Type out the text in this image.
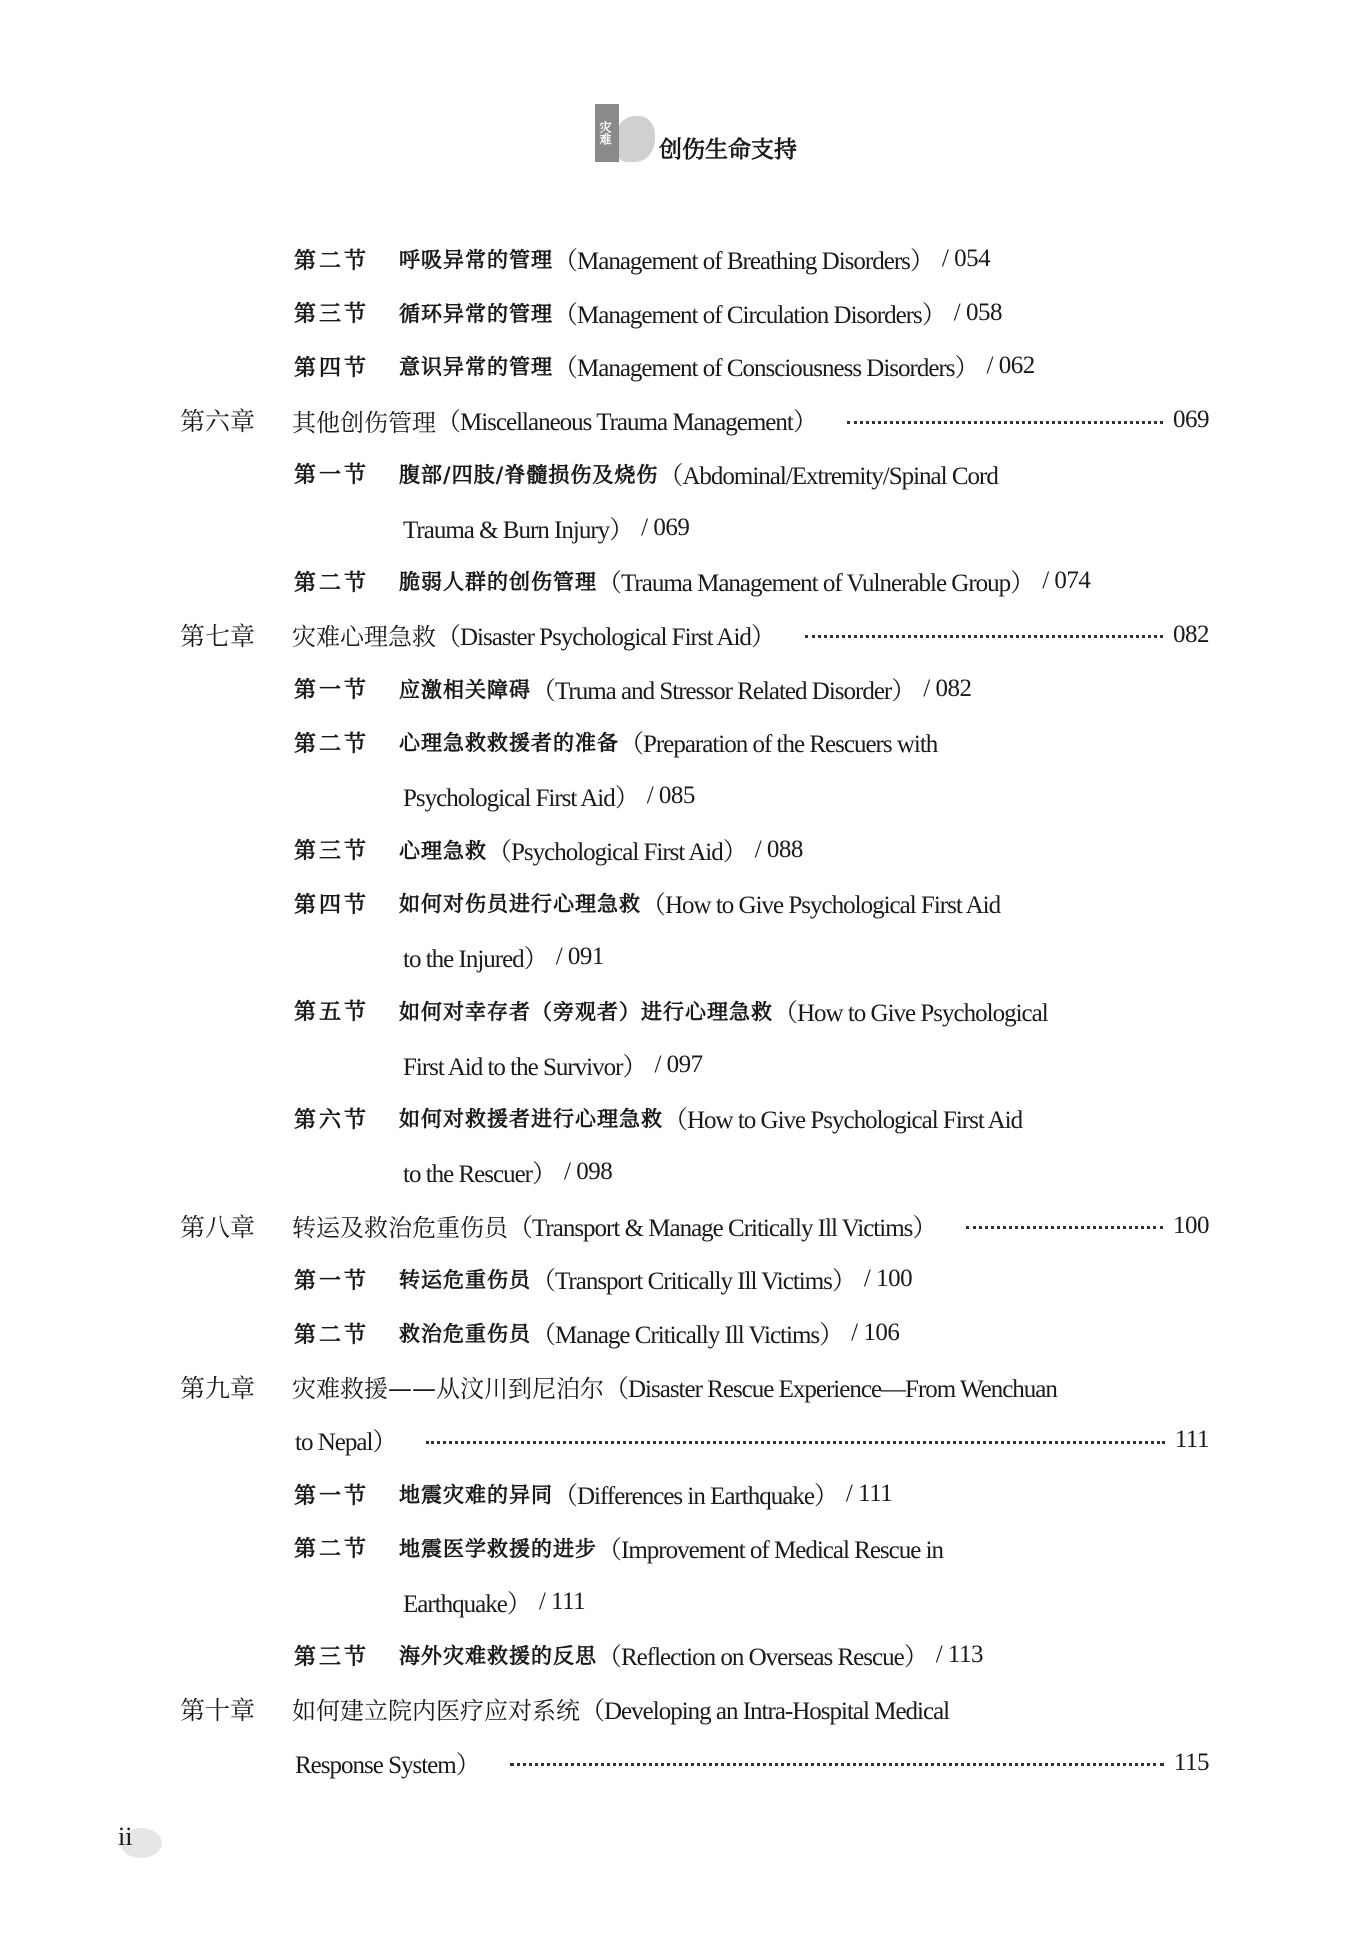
灾难
创伤生命支持
第二节 呼吸异常的管理 （Management of Breathing Disorders） / 054
第三节 循环异常的管理 （Management of Circulation Disorders） / 058
第四节 意识异常的管理 （Management of Consciousness Disorders） / 062
第六章 其他创伤管理 （Miscellaneous Trauma Management）	069
第一节 腹部/四肢/脊髓损伤及烧伤 （Abdominal/Extremity/Spinal Cord
Trauma & Burn Injury） / 069
第二节 脆弱人群的创伤管理 （Trauma Management of Vulnerable Group） / 074
第七章 灾难心理急救 （Disaster Psychological First Aid）	082
第一节 应激相关障碍 （Truma and Stressor Related Disorder） / 082
第二节 心理急救救援者的准备 （Preparation of the Rescuers with
Psychological First Aid） / 085
第三节 心理急救 （Psychological First Aid） / 088
第四节 如何对伤员进行心理急救 （How to Give Psychological First Aid
to the Injured） / 091
第五节 如何对幸存者（旁观者）进行心理急救 （How to Give Psychological
First Aid to the Survivor） / 097
第六节 如何对救援者进行心理急救 （How to Give Psychological First Aid
to the Rescuer） / 098
第八章 转运及救治危重伤员 （Transport & Manage Critically Ill Victims）	100
第一节 转运危重伤员 （Transport Critically Ill Victims） / 100
第二节 救治危重伤员 （Manage Critically Ill Victims） / 106
第九章 灾难救援——从汶川到尼泊尔 （Disaster Rescue Experience—From Wenchuan
to Nepal）	111
第一节 地震灾难的异同 （Differences in Earthquake） / 111
第二节 地震医学救援的进步 （Improvement of Medical Rescue in
Earthquake） / 111
第三节 海外灾难救援的反思 （Reflection on Overseas Rescue） / 113
第十章 如何建立院内医疗应对系统 （Developing an Intra-Hospital Medical
Response System）	115
ii
